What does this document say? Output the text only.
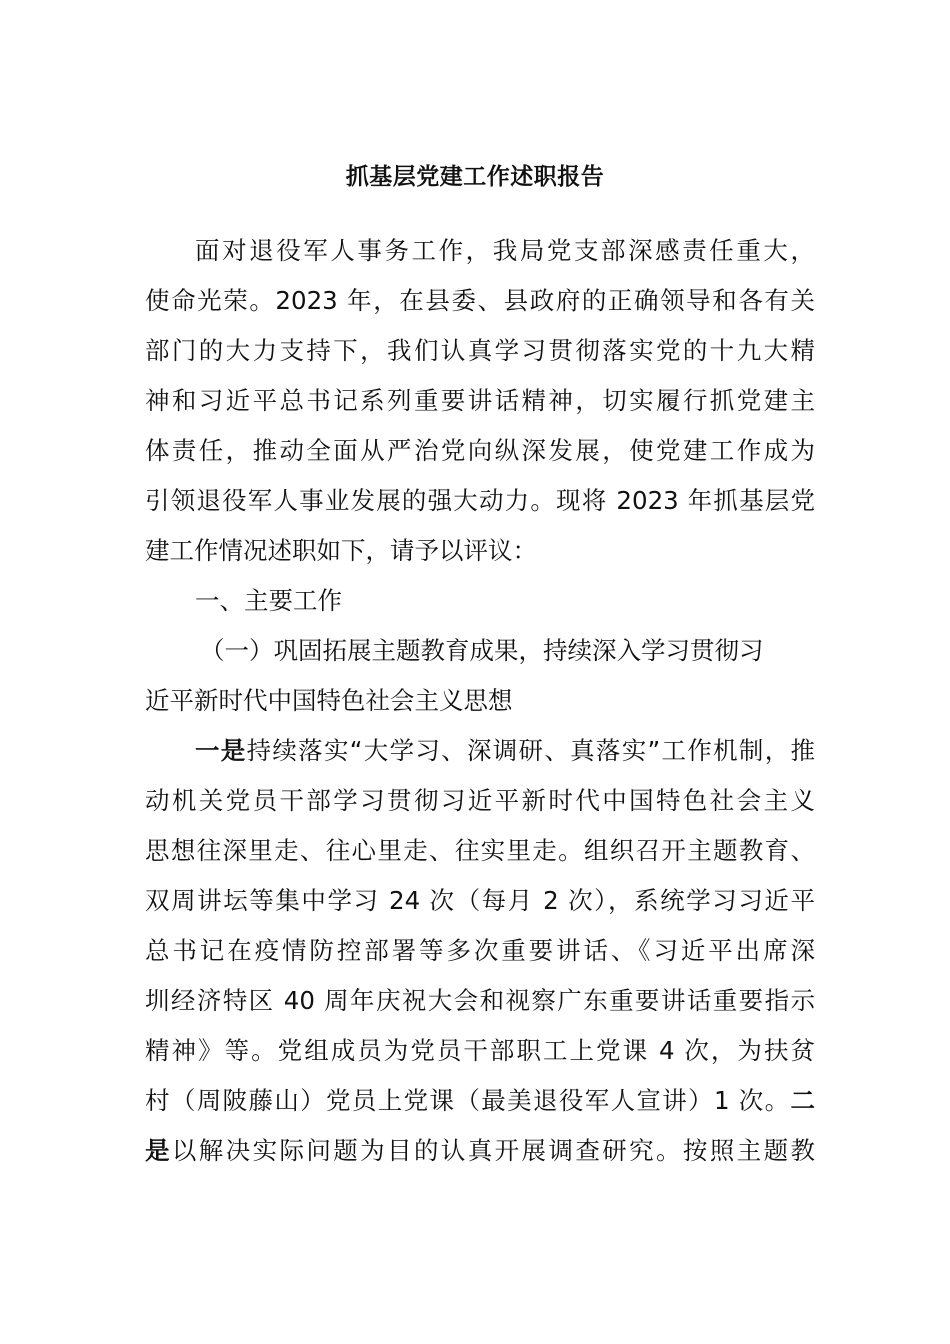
抓基层党建工作述职报告
面对退役军人事务工作，我局党支部深感责任重大，
使命光荣。2023 年，在县委、县政府的正确领导和各有关
部门的大力支持下，我们认真学习贯彻落实党的十九大精
神和习近平总书记系列重要讲话精神，切实履行抓党建主
体责任，推动全面从严治党向纵深发展，使党建工作成为
引领退役军人事业发展的强大动力。现将 2023 年抓基层党
建工作情况述职如下，请予以评议：
一、主要工作
（一）巩固拓展主题教育成果，持续深入学习贯彻习
近平新时代中国特色社会主义思想
一是持续落实“大学习、深调研、真落实”工作机制，推
动机关党员干部学习贯彻习近平新时代中国特色社会主义
思想往深里走、往心里走、往实里走。组织召开主题教育、
双周讲坛等集中学习 24 次（每月 2 次），系统学习习近平
总书记在疫情防控部署等多次重要讲话、《习近平出席深
圳经济特区 40 周年庆祝大会和视察广东重要讲话重要指示
精神》等。党组成员为党员干部职工上党课 4 次，为扶贫
村（周陂藤山）党员上党课（最美退役军人宣讲）1 次。二
是以解决实际问题为目的认真开展调查研究。按照主题教
